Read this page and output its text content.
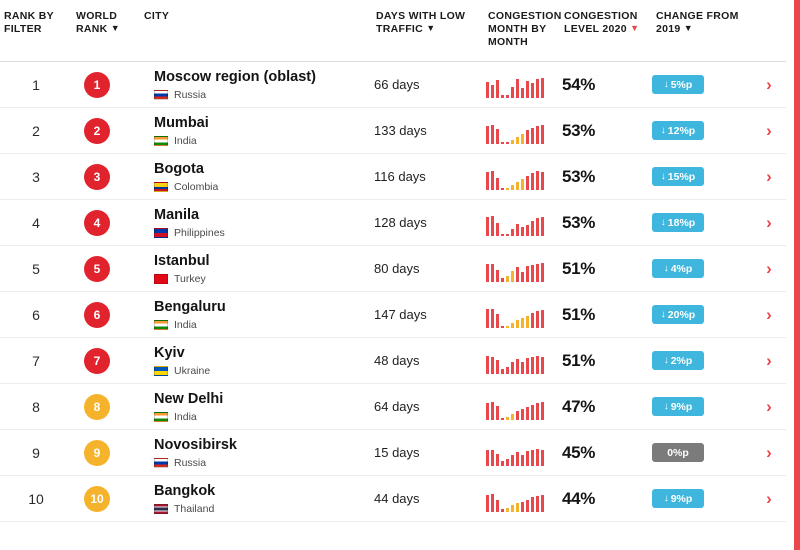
RANK BY
FILTER	WORLD
RANK ▼	CITY	DAYS WITH LOW
TRAFFIC ▼	CONGESTION
MONTH BY
MONTH	CONGESTION
LEVEL 2020 ▼	CHANGE FROM
2019 ▼	
1	1	Moscow region (oblast)
Russia
	66 days		54%	↓ 5%p	›

2	2	Mumbai
India
	133 days		53%	↓ 12%p	›

3	3	Bogota
Colombia
	116 days		53%	↓ 15%p	›

4	4	Manila
Philippines
	128 days		53%	↓ 18%p	›

5	5	Istanbul
Turkey
	80 days		51%	↓ 4%p	›

6	6	Bengaluru
India
	147 days		51%	↓ 20%p	›

7	7	Kyiv
Ukraine
	48 days		51%	↓ 2%p	›

8	8	New Delhi
India
	64 days		47%	↓ 9%p	›

9	9	Novosibirsk
Russia	15 days		45%	0%p	›

10	10	Bangkok
Thailand
	44 days		44%	↓ 9%p	›
